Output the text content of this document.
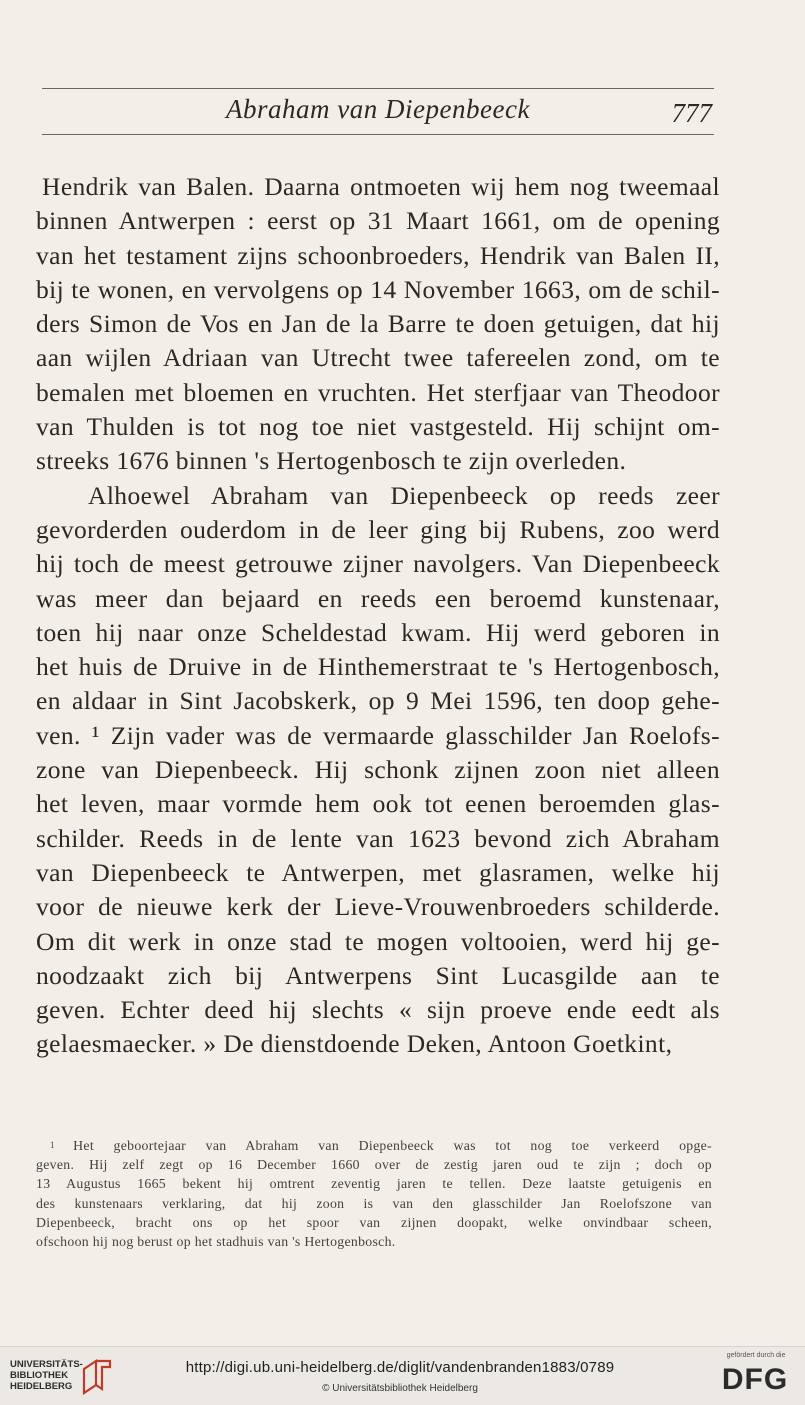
Abraham van Diepenbeeck	777
Hendrik van Balen. Daarna ontmoeten wij hem nog tweemaal
binnen Antwerpen : eerst op 31 Maart 1661, om de opening
van het testament zijns schoonbroeders, Hendrik van Balen II,
bij te wonen, en vervolgens op 14 November 1663, om de schil-
ders Simon de Vos en Jan de la Barre te doen getuigen, dat hij
aan wijlen Adriaan van Utrecht twee tafereelen zond, om te
bemalen met bloemen en vruchten. Het sterfjaar van Theodoor
van Thulden is tot nog toe niet vastgesteld. Hij schijnt om-
streeks 1676 binnen 's Hertogenbosch te zijn overleden.
Alhoewel Abraham van Diepenbeeck op reeds zeer
gevorderden ouderdom in de leer ging bij Rubens, zoo werd
hij toch de meest getrouwe zijner navolgers. Van Diepenbeeck
was meer dan bejaard en reeds een beroemd kunstenaar,
toen hij naar onze Scheldestad kwam. Hij werd geboren in
het huis de Druive in de Hinthemerstraat te 's Hertogenbosch,
en aldaar in Sint Jacobskerk, op 9 Mei 1596, ten doop gehe-
ven. ¹ Zijn vader was de vermaarde glasschilder Jan Roelofs-
zone van Diepenbeeck. Hij schonk zijnen zoon niet alleen
het leven, maar vormde hem ook tot eenen beroemden glas-
schilder. Reeds in de lente van 1623 bevond zich Abraham
van Diepenbeeck te Antwerpen, met glasramen, welke hij
voor de nieuwe kerk der Lieve-Vrouwenbroeders schilderde.
Om dit werk in onze stad te mogen voltooien, werd hij ge-
noodzaakt zich bij Antwerpens Sint Lucasgilde aan te
geven. Echter deed hij slechts « sijn proeve ende eedt als
gelaesmaecker. » De dienstdoende Deken, Antoon Goetkint,
$^1$ Het geboortejaar van Abraham van Diepenbeeck was tot nog toe verkeerd opge-
geven. Hij zelf zegt op 16 December 1660 over de zestig jaren oud te zijn ; doch op
13 Augustus 1665 bekent hij omtrent zeventig jaren te tellen. Deze laatste getuigenis en
des kunstenaars verklaring, dat hij zoon is van den glasschilder Jan Roelofszone van
Diepenbeeck, bracht ons op het spoor van zijnen doopakt, welke onvindbaar scheen,
ofschoon hij nog berust op het stadhuis van 's Hertogenbosch.
UNIVERSITÄTS-
BIBLIOTHEK
HEIDELBERG
http://digi.ub.uni-heidelberg.de/diglit/vandenbranden1883/0789
© Universitätsbibliothek Heidelberg
gefördert durch die
DFG
